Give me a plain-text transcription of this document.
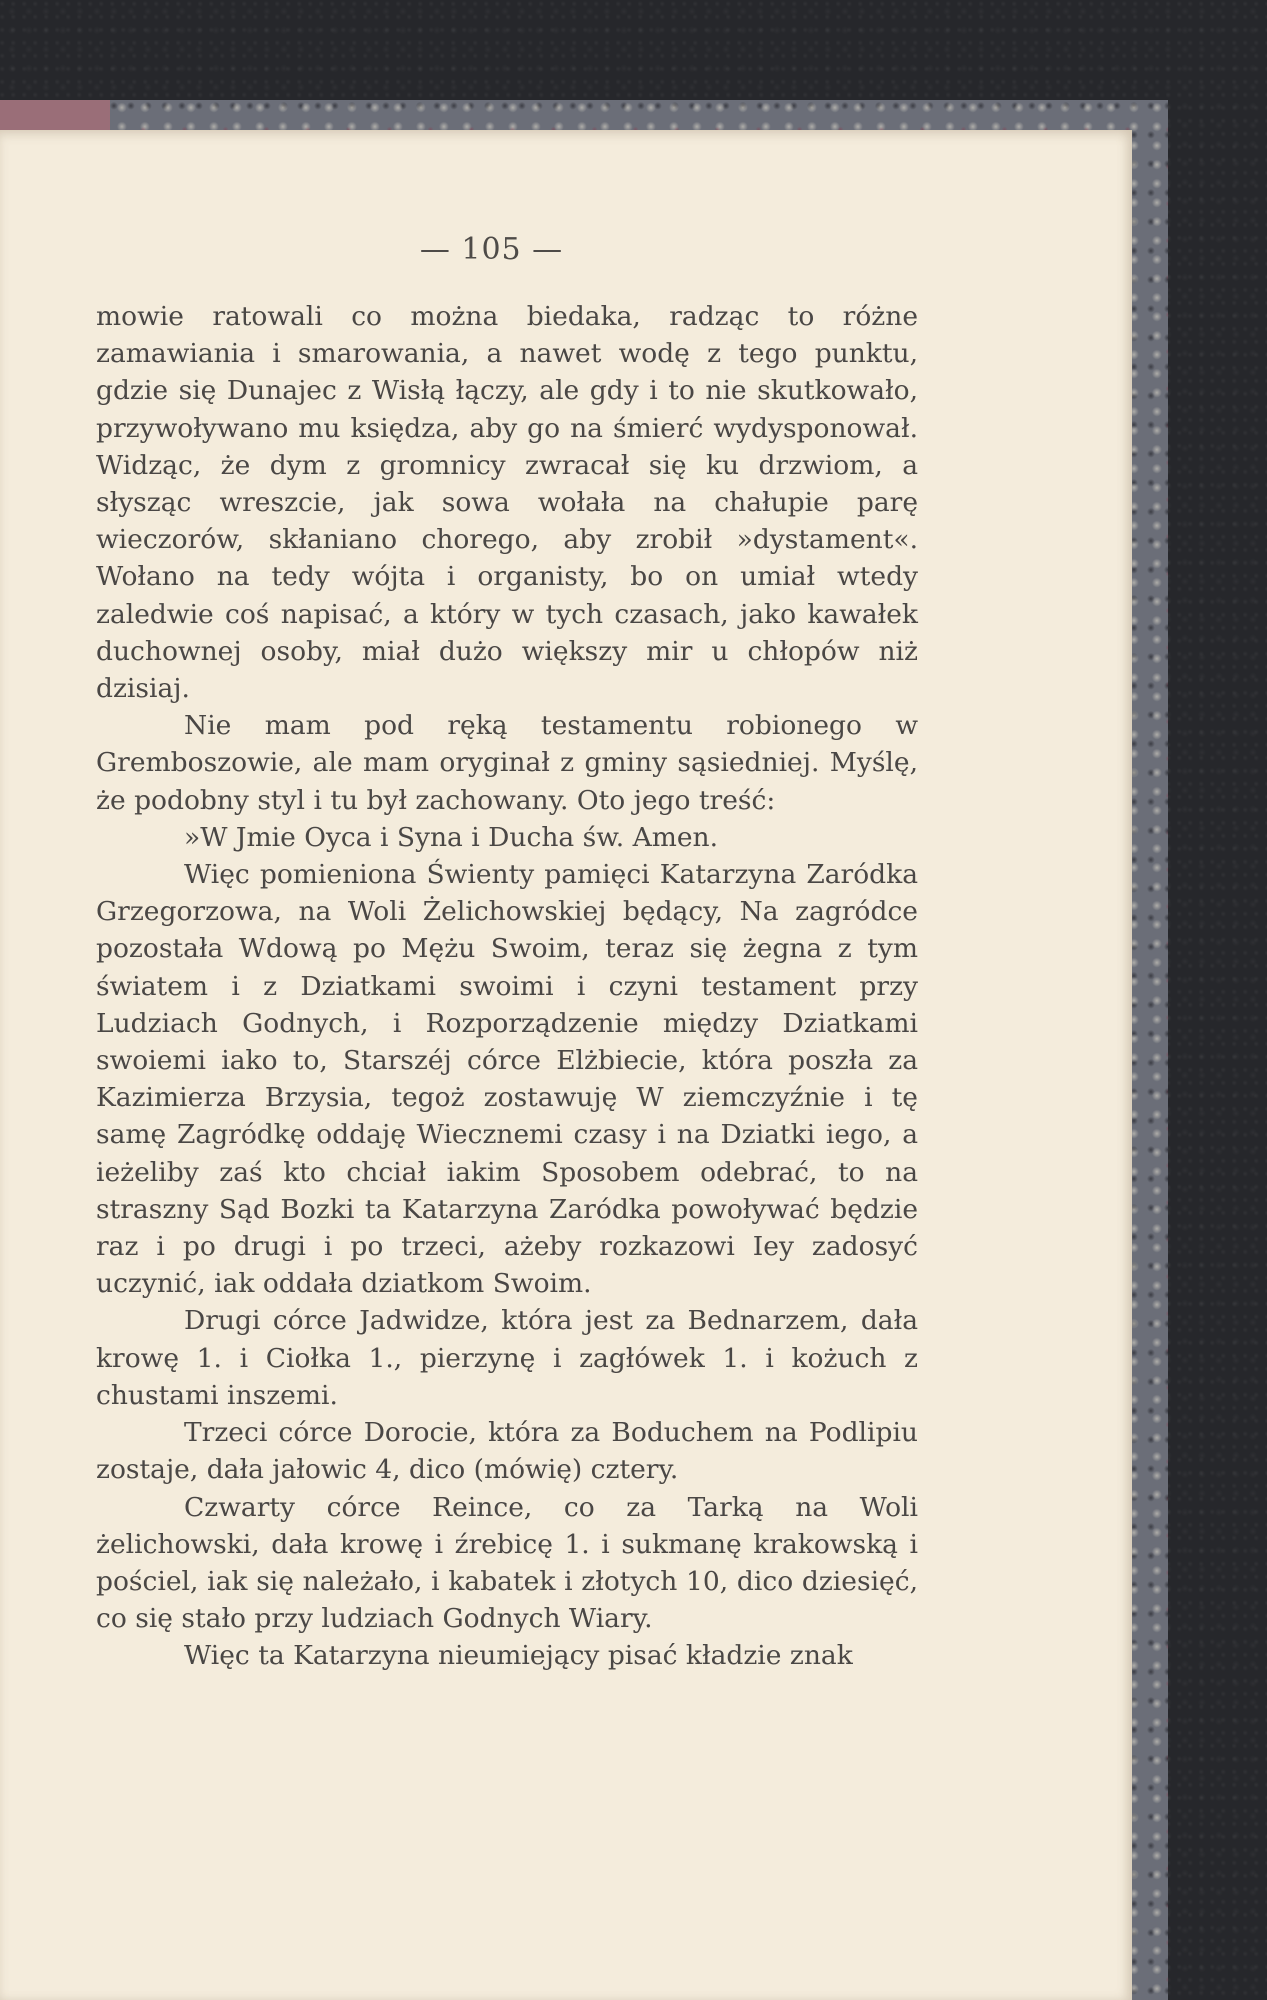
— 105 —

mowie ratowali co można biedaka, radząc to różne zamawiania i smarowania, a nawet wodę z tego punktu, gdzie się Dunajec z Wisłą łączy, ale gdy i to nie skutkowało, przywoływano mu księdza, aby go na śmierć wydysponował. Widząc, że dym z gromnicy zwracał się ku drzwiom, a słysząc wreszcie, jak sowa wołała na chałupie parę wieczorów, skłaniano chorego, aby zrobił »dystament«. Wołano na tedy wójta i organisty, bo on umiał wtedy zaledwie coś napisać, a który w tych czasach, jako kawałek duchownej osoby, miał dużo większy mir u chłopów niż dzisiaj.

Nie mam pod ręką testamentu robionego w Gremboszowie, ale mam oryginał z gminy sąsiedniej. Myślę, że podobny styl i tu był zachowany. Oto jego treść:

»W Jmie Oyca i Syna i Ducha św. Amen.

Więc pomieniona Świenty pamięci Katarzyna Zaródka Grzegorzowa, na Woli Żelichowskiej będący, Na zagródce pozostała Wdową po Mężu Swoim, teraz się żegna z tym światem i z Dziatkami swoimi i czyni testament przy Ludziach Godnych, i Rozporządzenie między Dziatkami swoiemi iako to, Starszéj córce Elżbiecie, która poszła za Kazimierza Brzysia, tegoż zostawuję W ziemczyźnie i tę samę Zagródkę oddaję Wiecznemi czasy i na Dziatki iego, a ieżeliby zaś kto chciał iakim Sposobem odebrać, to na straszny Sąd Bozki ta Katarzyna Zaródka powoływać będzie raz i po drugi i po trzeci, ażeby rozkazowi Iey zadosyć uczynić, iak oddała dziatkom Swoim.

Drugi córce Jadwidze, która jest za Bednarzem, dała krowę 1. i Ciołka 1., pierzynę i zagłówek 1. i kożuch z chustami inszemi.

Trzeci córce Dorocie, która za Boduchem na Podlipiu zostaje, dała jałowic 4, dico (mówię) cztery.

Czwarty córce Reince, co za Tarką na Woli żelichowski, dała krowę i źrebicę 1. i sukmanę krakowską i pościel, iak się należało, i kabatek i złotych 10, dico dziesięć, co się stało przy ludziach Godnych Wiary.

Więc ta Katarzyna nieumiejący pisać kładzie znak
